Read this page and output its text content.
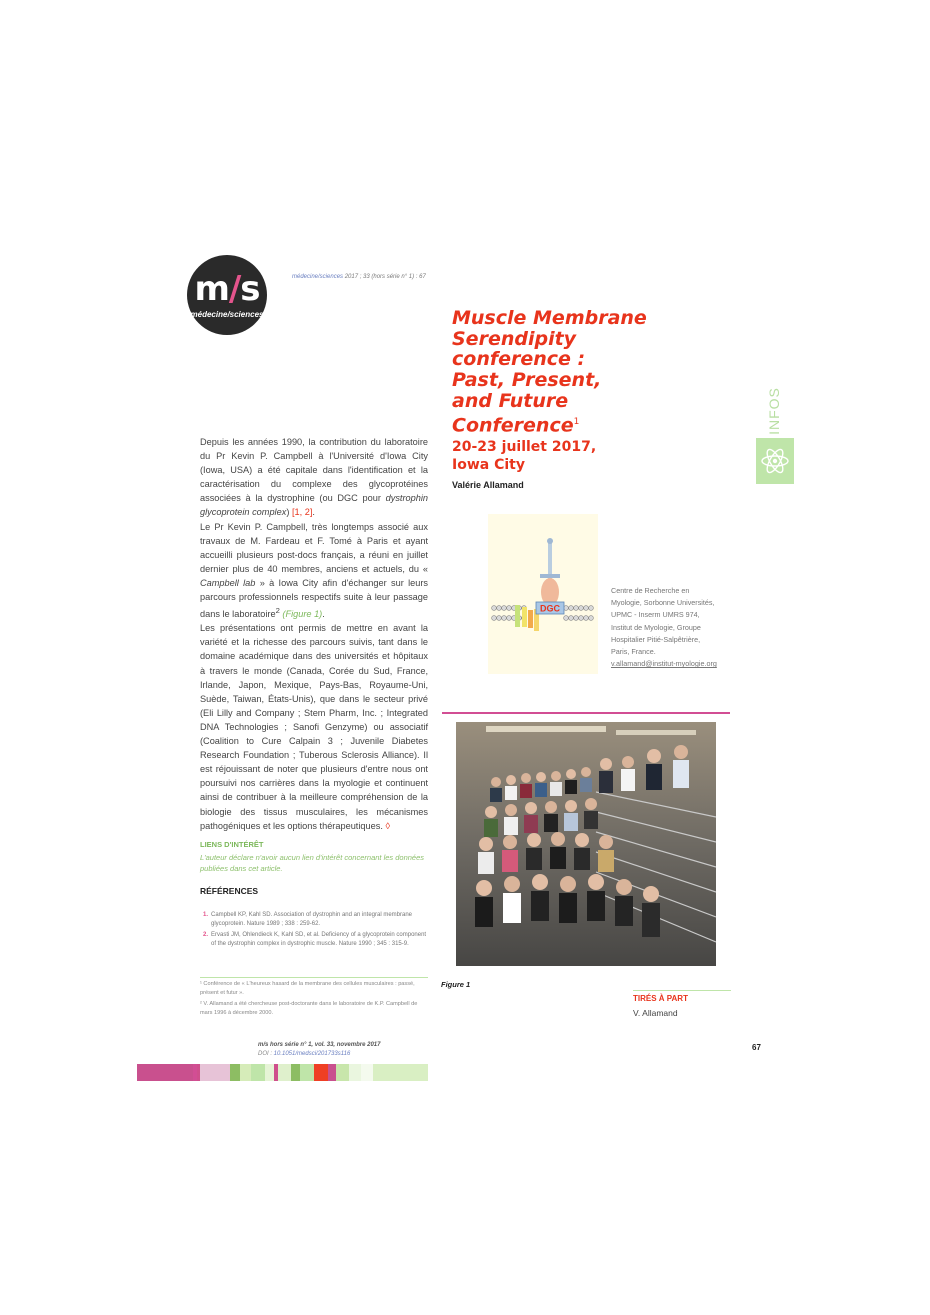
m/s
médecine/sciences
médecine/sciences 2017 ; 33 (hors série n° 1) : 67
Muscle Membrane
Serendipity
conference :
Past, Present,
and Future
Conference$^1$
20-23 juillet 2017,
Iowa City
Valérie Allamand
INFOS

Depuis les années 1990, la contribution du laboratoire du Pr Kevin P. Campbell à l'Université d'Iowa City (Iowa, USA) a été capitale dans l'identification et la caractérisation du complexe des glycoprotéines associées à la dystrophine (ou DGC pour dystrophin glycoprotein complex) [1, 2].

Le Pr Kevin P. Campbell, très longtemps associé aux travaux de M. Fardeau et F. Tomé à Paris et ayant accueilli plusieurs post-docs français, a réuni en juillet dernier plus de 40 membres, anciens et actuels, du « Campbell lab » à Iowa City afin d'échanger sur leurs parcours professionnels respectifs suite à leur passage dans le laboratoire$^2$ (Figure 1).

Les présentations ont permis de mettre en avant la variété et la richesse des parcours suivis, tant dans le domaine académique dans des universités et hôpitaux à travers le monde (Canada, Corée du Sud, France, Irlande, Japon, Mexique, Pays-Bas, Royaume-Uni, Suède, Taiwan, États-Unis), que dans le secteur privé (Eli Lilly and Company ; Stem Pharm, Inc. ; Integrated DNA Technologies ; Sanofi Genzyme) ou associatif (Coalition to Cure Calpain 3 ; Juvenile Diabetes Research Foundation ; Tuberous Sclerosis Alliance). Il est réjouissant de noter que plusieurs d'entre nous ont poursuivi nos carrières dans la myologie et continuent ainsi de contribuer à la meilleure compréhension de la biologie des tissus musculaires, les mécanismes pathogéniques et les options thérapeutiques. ◊

LIENS D'INTÉRÊT
L'auteur déclare n'avoir aucun lien d'intérêt concernant les données publiées dans cet article.
RÉFÉRENCES
1. Campbell KP, Kahl SD. Association of dystrophin and an integral membrane glycoprotein. Nature 1989 ; 338 : 259-62.
2. Ervasti JM, Ohlendieck K, Kahl SD, et al. Deficiency of a glycoprotein component of the dystrophin complex in dystrophic muscle. Nature 1990 ; 345 : 315-9.

¹ Conférence de « L'heureux hasard de la membrane des cellules musculaires : passé, présent et futur ».

² V. Allamand a été chercheuse post-doctorante dans le laboratoire de K.P. Campbell de mars 1996 à décembre 2000.

m/s hors série n° 1, vol. 33, novembre 2017
DOI : 10.1051/medsci/201733s116
DGC
Centre de Recherche en
Myologie, Sorbonne Universités,
UPMC - Inserm UMRS 974,
Institut de Myologie, Groupe
Hospitalier Pitié-Salpêtrière,
Paris, France.
v.allamand@institut-myologie.org
Figure 1
TIRÉS À PART
V. Allamand
67
